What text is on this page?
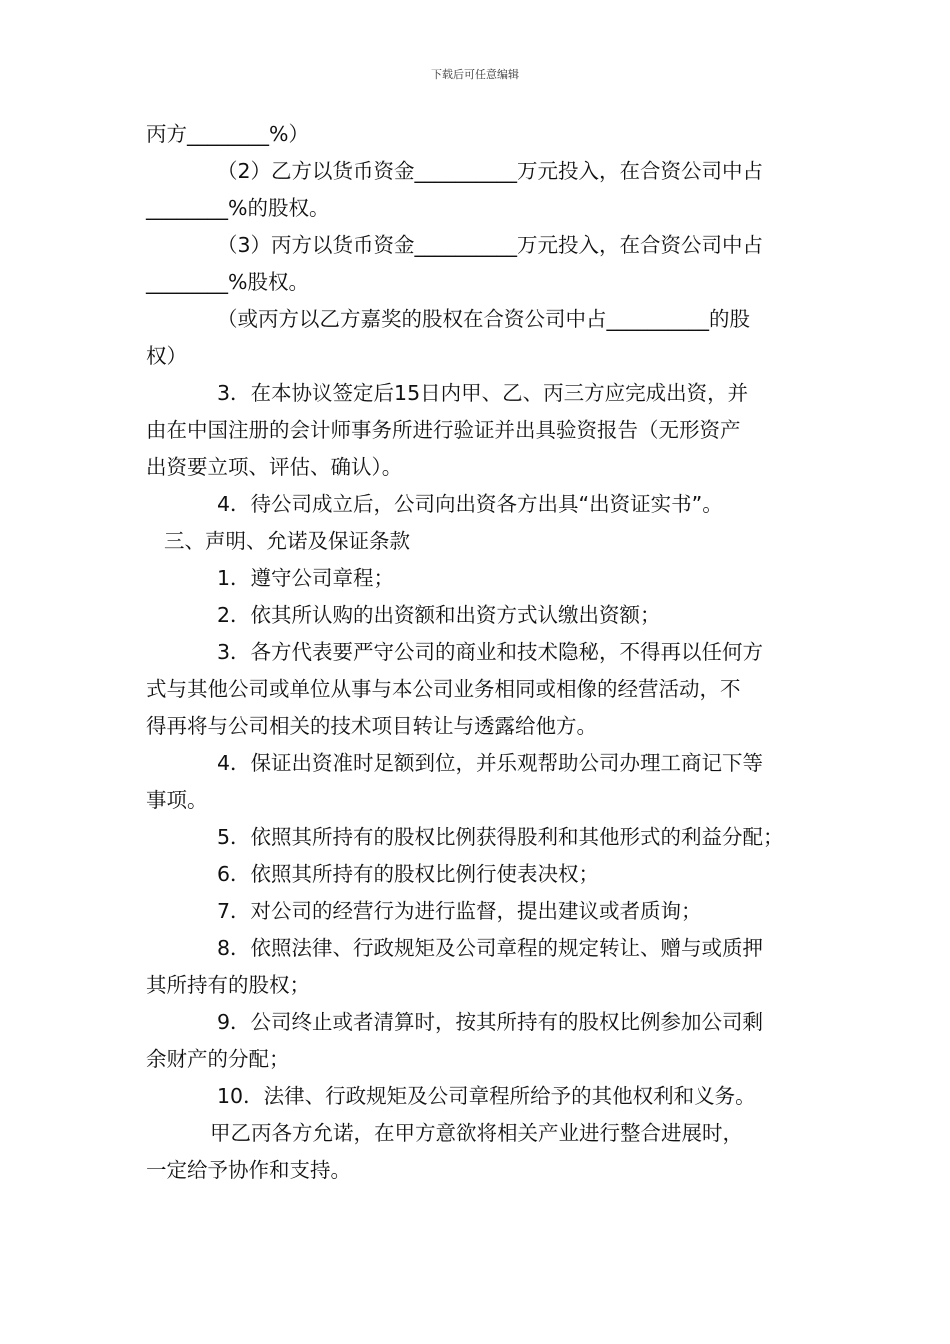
下载后可任意编辑
丙方________%）
（2）乙方以货币资金__________万元投入，在合资公司中占
________%的股权。
（3）丙方以货币资金__________万元投入，在合资公司中占
________%股权。
（或丙方以乙方嘉奖的股权在合资公司中占__________的股
权）
3．在本协议签定后15日内甲、乙、丙三方应完成出资，并
由在中国注册的会计师事务所进行验证并出具验资报告（无形资产
出资要立项、评估、确认）。
4．待公司成立后，公司向出资各方出具“出资证实书”。
三、声明、允诺及保证条款
1．遵守公司章程；
2．依其所认购的出资额和出资方式认缴出资额；
3．各方代表要严守公司的商业和技术隐秘，不得再以任何方
式与其他公司或单位从事与本公司业务相同或相像的经营活动，不
得再将与公司相关的技术项目转让与透露给他方。
4．保证出资准时足额到位，并乐观帮助公司办理工商记下等
事项。
5．依照其所持有的股权比例获得股利和其他形式的利益分配；
6．依照其所持有的股权比例行使表决权；
7．对公司的经营行为进行监督，提出建议或者质询；
8．依照法律、行政规矩及公司章程的规定转让、赠与或质押
其所持有的股权；
9．公司终止或者清算时，按其所持有的股权比例参加公司剩
余财产的分配；
10．法律、行政规矩及公司章程所给予的其他权利和义务。
甲乙丙各方允诺，在甲方意欲将相关产业进行整合进展时，
一定给予协作和支持。
